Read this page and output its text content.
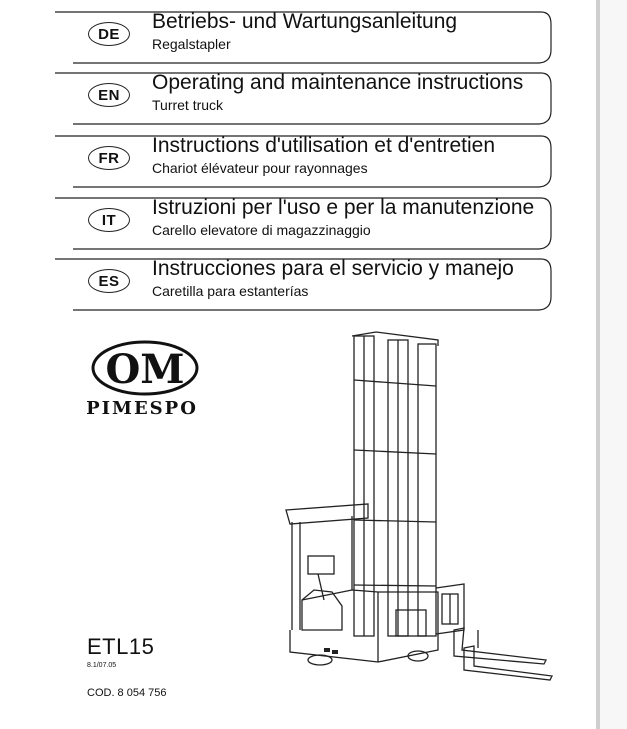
DE
Betriebs- und Wartungsanleitung
Regalstapler
EN
Operating and maintenance instructions
Turret truck
FR
Instructions d'utilisation et d'entretien
Chariot élévateur pour rayonnages
IT
Istruzioni per l'uso e per la manutenzione
Carello elevatore di magazzinaggio
ES
Instrucciones para el servicio y manejo
Caretilla para estanterías
OM
PIMESPO
ETL15
8.1/07.05
COD. 8 054 756
